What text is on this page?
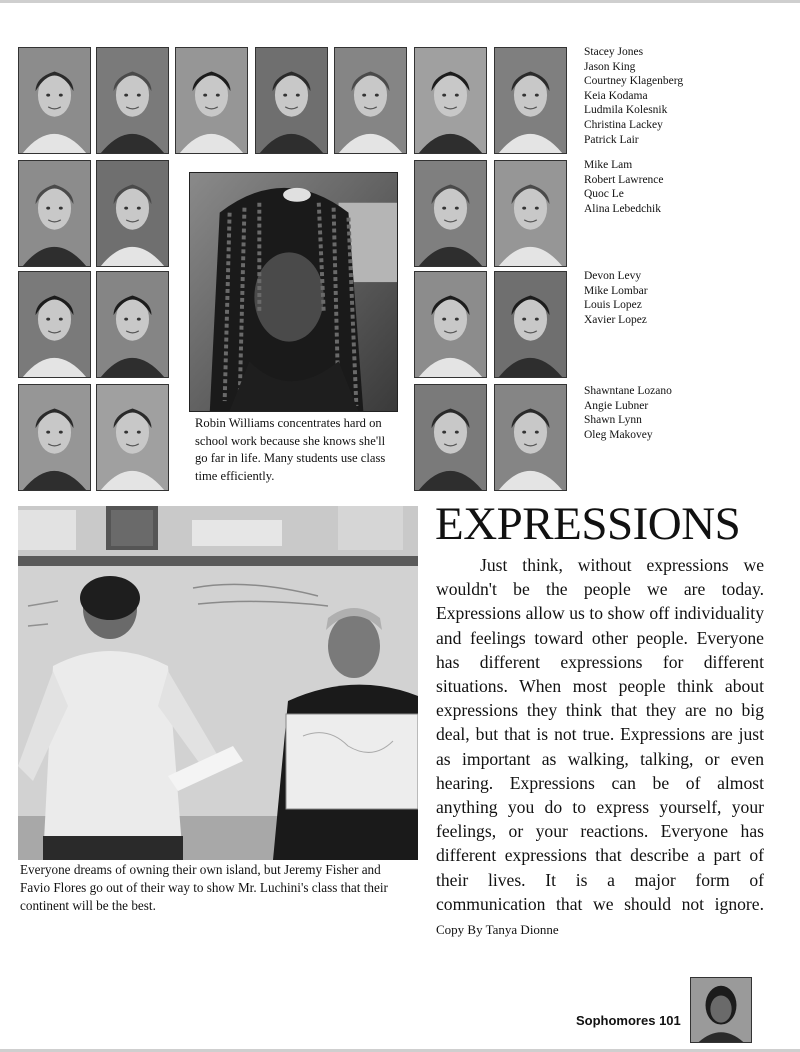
Robin Williams concentrates hard on school work because she knows she'll go far in life. Many students use class time efficiently.
Stacey Jones
Jason King
Courtney Klagenberg
Keia Kodama
Ludmila Kolesnik
Christina Lackey
Patrick Lair
Mike Lam
Robert Lawrence
Quoc Le
Alina Lebedchik
Devon Levy
Mike Lombar
Louis Lopez
Xavier Lopez
Shawntane Lozano
Angie Lubner
Shawn Lynn
Oleg Makovey
Everyone dreams of owning their own island, but Jeremy Fisher and Favio Flores go out of their way to show Mr. Luchini's class that their continent will be the best.
EXPRESSIONS
Just think, without expressions we wouldn't be the people we are today. Expressions allow us to show off individuality and feelings toward other people. Everyone has different expressions for different situations. When most people think about expressions they think that they are no big deal, but that is not true. Expressions are just as important as walking, talking, or even hearing. Expressions can be of almost anything you do to express yourself, your feelings, or your reactions. Everyone has different expressions that describe a part of their lives. It is a major form of communication that we should not ignore. Copy By Tanya Dionne
Sophomores 101
